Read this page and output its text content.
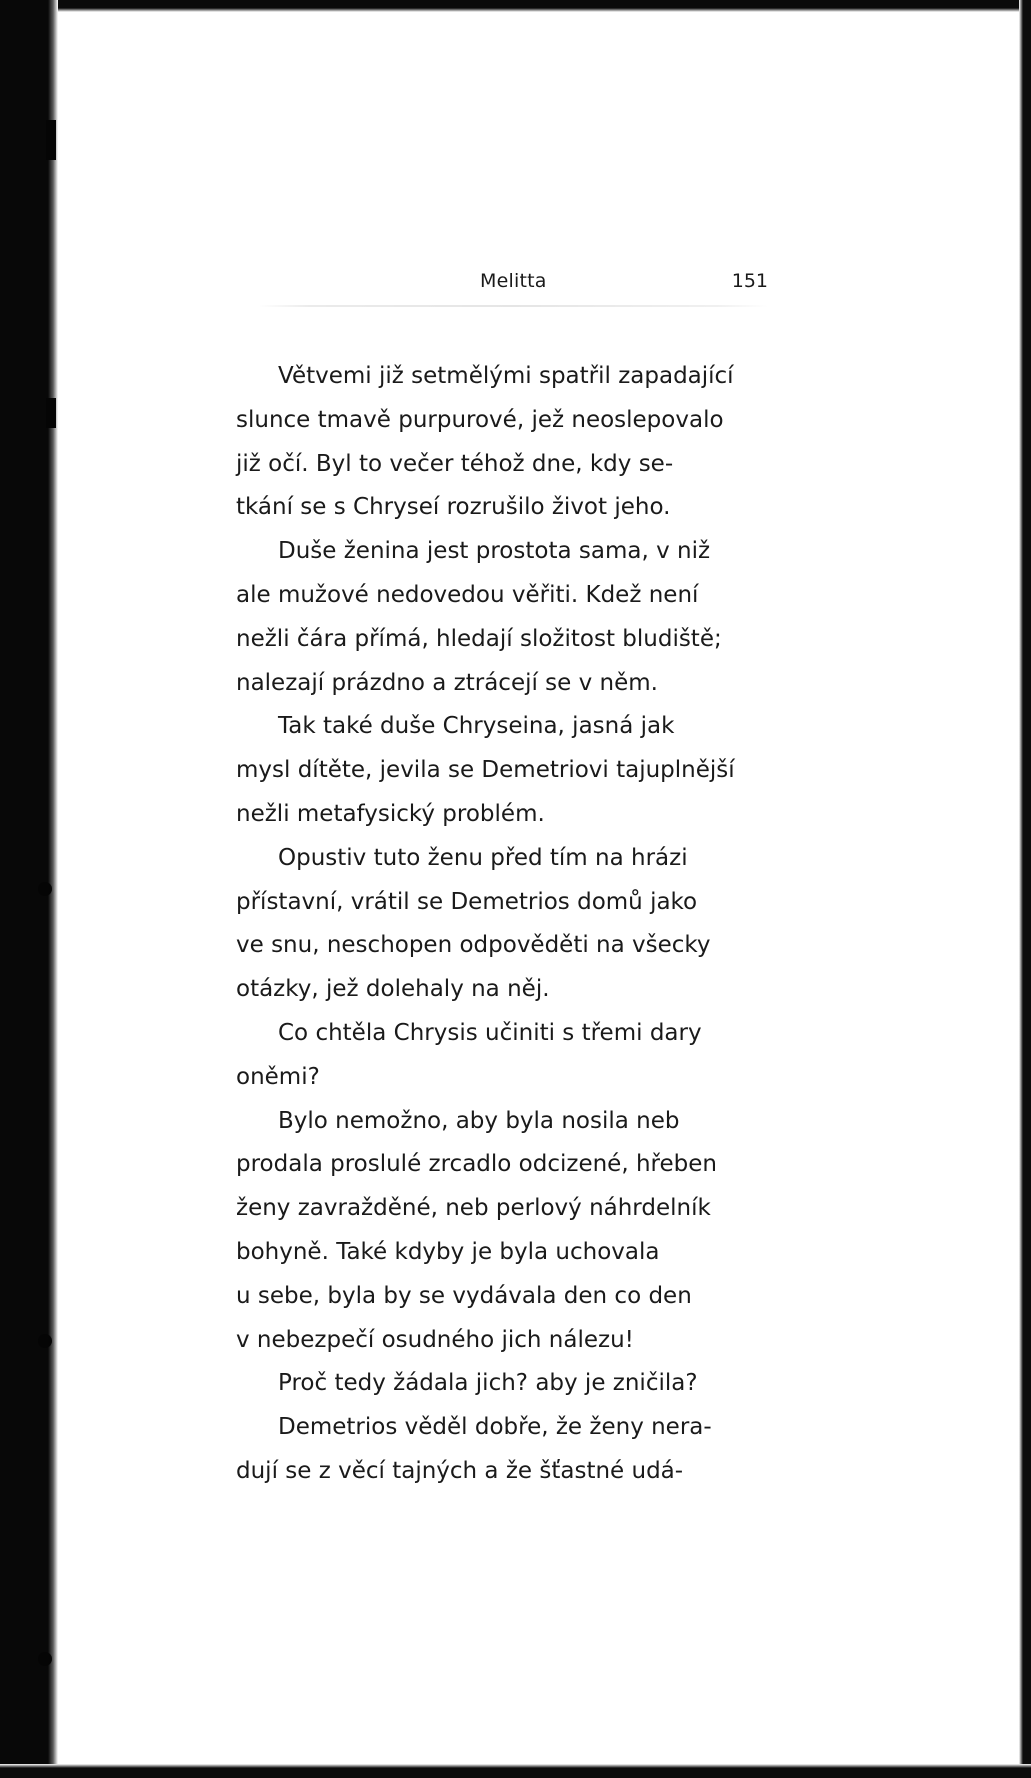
Melitta	151
Větvemi již setmělými spatřil zapadající
slunce tmavě purpurové, jež neoslepovalo
již očí. Byl to večer téhož dne, kdy se-
tkání se s Chryseí rozrušilo život jeho.
Duše ženina jest prostota sama, v niž
ale mužové nedovedou věřiti. Kdež není
nežli čára přímá, hledají složitost bludiště;
nalezají prázdno a ztrácejí se v něm.
Tak také duše Chryseina, jasná jak
mysl dítěte, jevila se Demetriovi tajuplnější
nežli metafysický problém.
Opustiv tuto ženu před tím na hrázi
přístavní, vrátil se Demetrios domů jako
ve snu, neschopen odpověděti na všecky
otázky, jež dolehaly na něj.
Co chtěla Chrysis učiniti s třemi dary
oněmi?
Bylo nemožno, aby byla nosila neb
prodala proslulé zrcadlo odcizené, hřeben
ženy zavražděné, neb perlový náhrdelník
bohyně. Také kdyby je byla uchovala
u sebe, byla by se vydávala den co den
v nebezpečí osudného jich nálezu!
Proč tedy žádala jich? aby je zničila?
Demetrios věděl dobře, že ženy nera-
dují se z věcí tajných a že šťastné udá-
